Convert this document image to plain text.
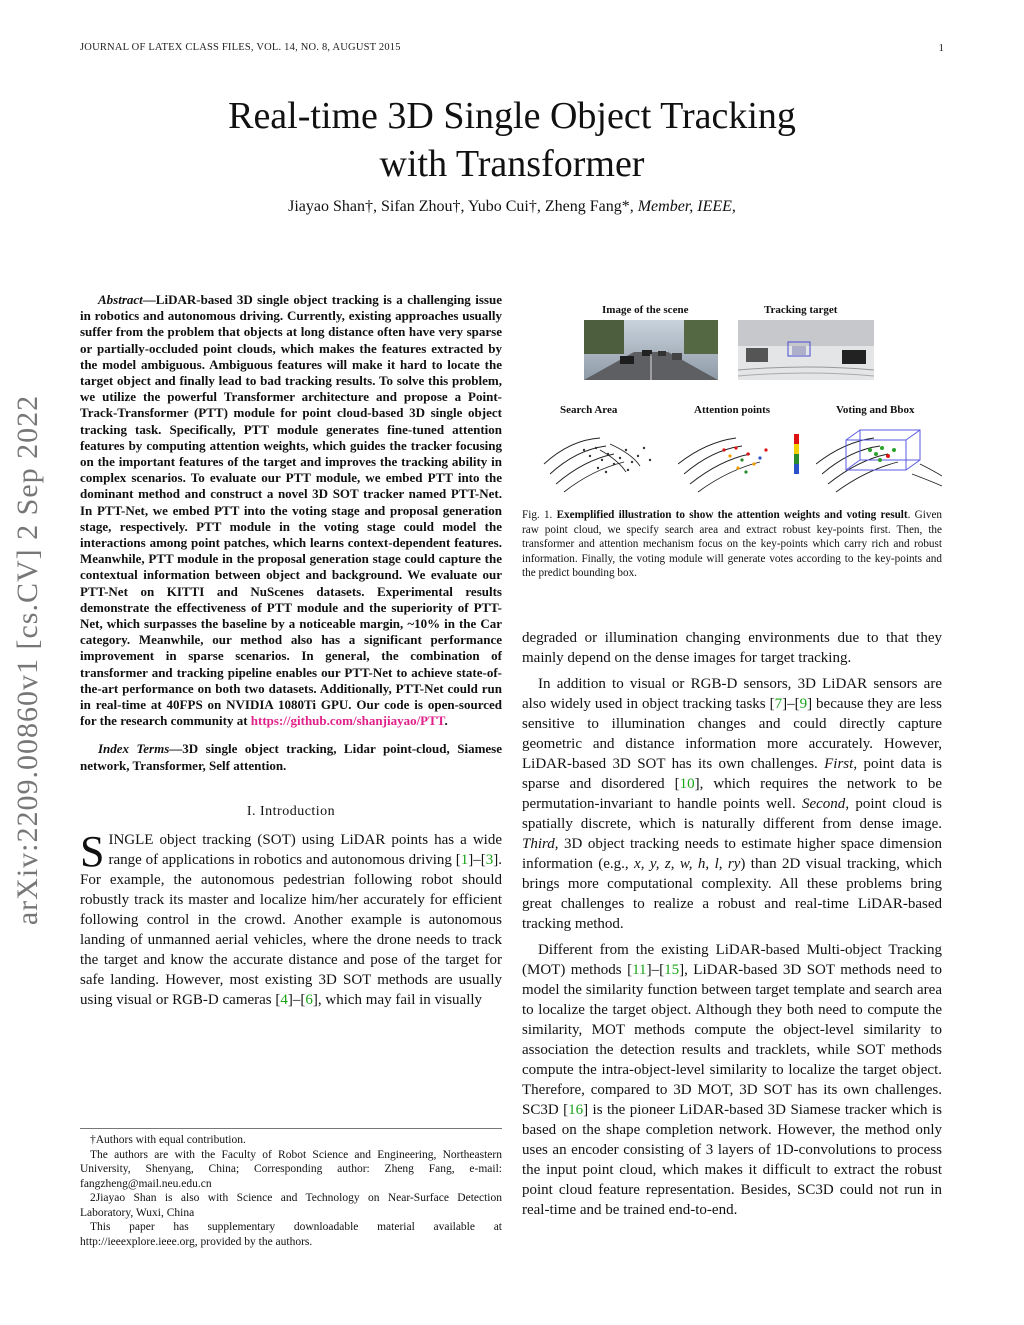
JOURNAL OF LATEX CLASS FILES, VOL. 14, NO. 8, AUGUST 2015	1
arXiv:2209.00860v1 [cs.CV] 2 Sep 2022
Real-time 3D Single Object Tracking
with Transformer
Jiayao Shan†, Sifan Zhou†, Yubo Cui†, Zheng Fang*, Member, IEEE,

Abstract—LiDAR-based 3D single object tracking is a challenging issue in robotics and autonomous driving. Currently, existing approaches usually suffer from the problem that objects at long distance often have very sparse or partially-occluded point clouds, which makes the features extracted by the model ambiguous. Ambiguous features will make it hard to locate the target object and finally lead to bad tracking results. To solve this problem, we utilize the powerful Transformer architecture and propose a Point-Track-Transformer (PTT) module for point cloud-based 3D single object tracking task. Specifically, PTT module generates fine-tuned attention features by computing attention weights, which guides the tracker focusing on the important features of the target and improves the tracking ability in complex scenarios. To evaluate our PTT module, we embed PTT into the dominant method and construct a novel 3D SOT tracker named PTT-Net. In PTT-Net, we embed PTT into the voting stage and proposal generation stage, respectively. PTT module in the voting stage could model the interactions among point patches, which learns context-dependent features. Meanwhile, PTT module in the proposal generation stage could capture the contextual information between object and background. We evaluate our PTT-Net on KITTI and NuScenes datasets. Experimental results demonstrate the effectiveness of PTT module and the superiority of PTT-Net, which surpasses the baseline by a noticeable margin, ~10% in the Car category. Meanwhile, our method also has a significant performance improvement in sparse scenarios. In general, the combination of transformer and tracking pipeline enables our PTT-Net to achieve state-of-the-art performance on both two datasets. Additionally, PTT-Net could run in real-time at 40FPS on NVIDIA 1080Ti GPU. Our code is open-sourced for the research community at https://github.com/shanjiayao/PTT.

Index Terms—3D single object tracking, Lidar point-cloud, Siamese network, Transformer, Self attention.

I. Introduction

SINGLE object tracking (SOT) using LiDAR points has a wide range of applications in robotics and autonomous driving [1]–[3]. For example, the autonomous pedestrian following robot should robustly track its master and localize him/her accurately for efficient following control in the crowd. Another example is autonomous landing of unmanned aerial vehicles, where the drone needs to track the target and know the accurate distance and pose of the target for safe landing. However, most existing 3D SOT methods are usually using visual or RGB-D cameras [4]–[6], which may fail in visually

†Authors with equal contribution.

The authors are with the Faculty of Robot Science and Engineering, Northeastern University, Shenyang, China; Corresponding author: Zheng Fang, e-mail: fangzheng@mail.neu.edu.cn

2Jiayao Shan is also with Science and Technology on Near-Surface Detection Laboratory, Wuxi, China

This paper has supplementary downloadable material available at http://ieeexplore.ieee.org, provided by the authors.

Image of the scene	Tracking target
Search Area	Attention points	Voting and Bbox
Fig. 1. Exemplified illustration to show the attention weights and voting result. Given raw point cloud, we specify search area and extract robust key-points first. Then, the transformer and attention mechanism focus on the key-points which carry rich and robust information. Finally, the voting module will generate votes according to the key-points and the predict bounding box.

degraded or illumination changing environments due to that they mainly depend on the dense images for target tracking.

In addition to visual or RGB-D sensors, 3D LiDAR sensors are also widely used in object tracking tasks [7]–[9] because they are less sensitive to illumination changes and could directly capture geometric and distance information more accurately. However, LiDAR-based 3D SOT has its own challenges. First, point data is sparse and disordered [10], which requires the network to be permutation-invariant to handle points well. Second, point cloud is spatially discrete, which is naturally different from dense image. Third, 3D object tracking needs to estimate higher space dimension information (e.g., x, y, z, w, h, l, ry) than 2D visual tracking, which brings more computational complexity. All these problems bring great challenges to realize a robust and real-time LiDAR-based tracking method.

Different from the existing LiDAR-based Multi-object Tracking (MOT) methods [11]–[15], LiDAR-based 3D SOT methods need to model the similarity function between target template and search area to localize the target object. Although they both need to compute the similarity, MOT methods compute the object-level similarity to association the detection results and tracklets, while SOT methods compute the intra-object-level similarity to localize the target object. Therefore, compared to 3D MOT, 3D SOT has its own challenges. SC3D [16] is the pioneer LiDAR-based 3D Siamese tracker which is based on the shape completion network. However, the method only uses an encoder consisting of 3 layers of 1D-convolutions to process the input point cloud, which makes it difficult to extract the robust point cloud feature representation. Besides, SC3D could not run in real-time and be trained end-to-end.
